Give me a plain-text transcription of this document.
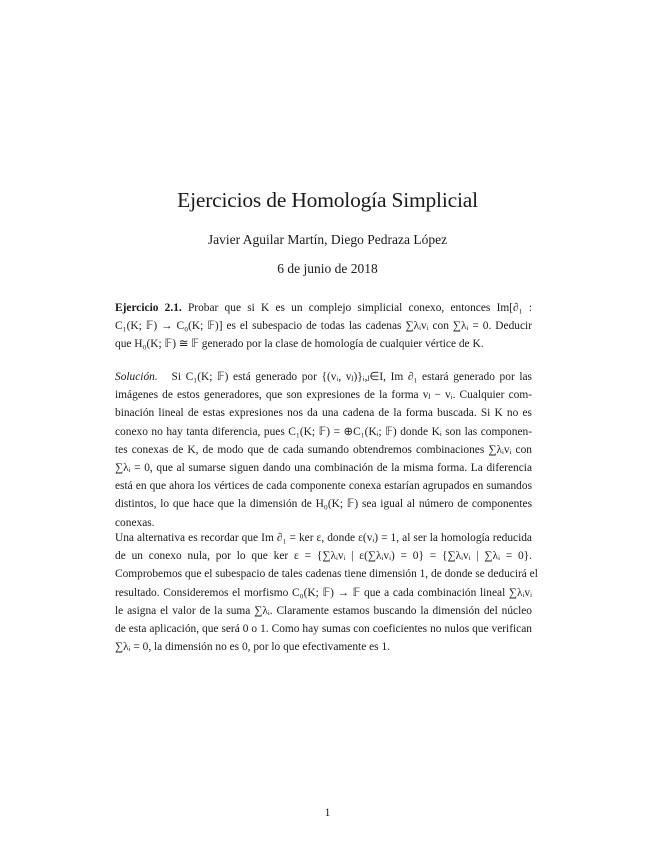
Ejercicios de Homología Simplicial
Javier Aguilar Martín, Diego Pedraza López
6 de junio de 2018
Ejercicio 2.1. Probar que si K es un complejo simplicial conexo, entonces Im[∂₁ :
C₁(K; 𝔽) → C₀(K; 𝔽)] es el subespacio de todas las cadenas ∑λᵢvᵢ con ∑λᵢ = 0. Deducir
que H₀(K; 𝔽) ≅ 𝔽 generado por la clase de homología de cualquier vértice de K.
Solución. Si C₁(K; 𝔽) está generado por {(vᵢ, vⱼ)}ᵢ,ⱼ∈I, Im ∂₁ estará generado por las
imágenes de estos generadores, que son expresiones de la forma vⱼ − vᵢ. Cualquier com-
binación lineal de estas expresiones nos da una cadena de la forma buscada. Si K no es
conexo no hay tanta diferencia, pues C₁(K; 𝔽) = ⊕C₁(Kᵢ; 𝔽) donde Kᵢ son las componen-
tes conexas de K, de modo que de cada sumando obtendremos combinaciones ∑λᵢvᵢ con
∑λᵢ = 0, que al sumarse siguen dando una combinación de la misma forma. La diferencia
está en que ahora los vértices de cada componente conexa estarían agrupados en sumandos
distintos, lo que hace que la dimensión de H₀(K; 𝔽) sea igual al número de componentes
conexas.
Una alternativa es recordar que Im ∂₁ = ker ε, donde ε(vᵢ) = 1, al ser la homología reducida
de un conexo nula, por lo que ker ε = {∑λᵢvᵢ | ε(∑λᵢvᵢ) = 0} = {∑λᵢvᵢ | ∑λᵢ = 0}.
Comprobemos que el subespacio de tales cadenas tiene dimensión 1, de donde se deducirá el
resultado. Consideremos el morfismo C₀(K; 𝔽) → 𝔽 que a cada combinación lineal ∑λᵢvᵢ
le asigna el valor de la suma ∑λᵢ. Claramente estamos buscando la dimensión del núcleo
de esta aplicación, que será 0 o 1. Como hay sumas con coeficientes no nulos que verifican
∑λᵢ = 0, la dimensión no es 0, por lo que efectivamente es 1.
1
